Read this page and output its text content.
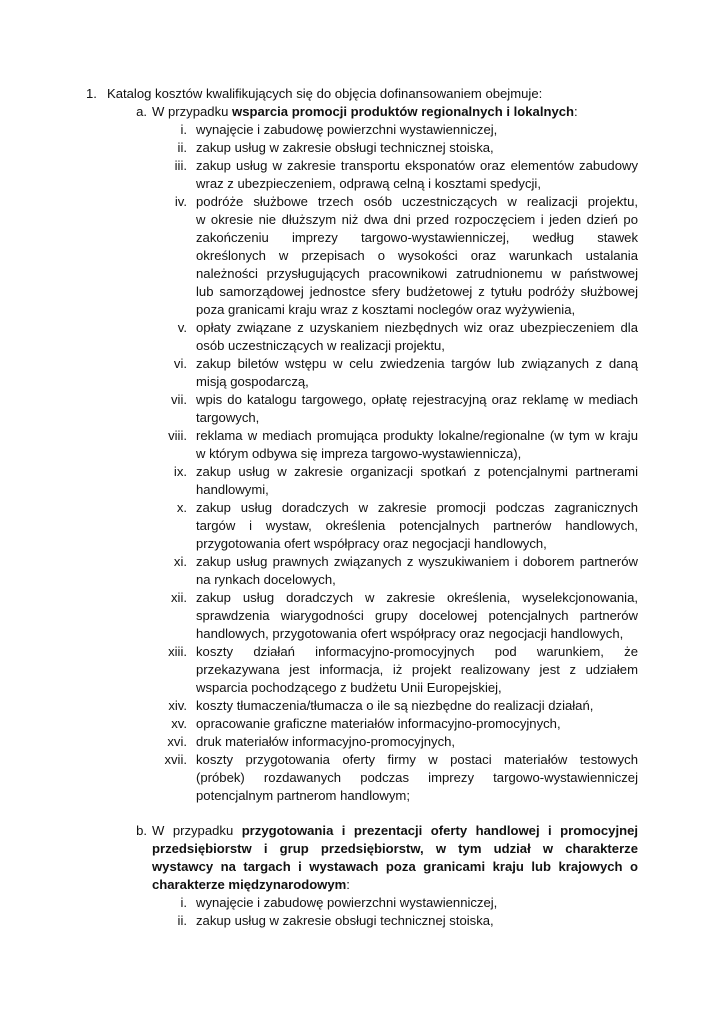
1. Katalog kosztów kwalifikujących się do objęcia dofinansowaniem obejmuje:
a. W przypadku wsparcia promocji produktów regionalnych i lokalnych:
i. wynajęcie i zabudowę powierzchni wystawienniczej,
ii. zakup usług w zakresie obsługi technicznej stoiska,
iii. zakup usług w zakresie transportu eksponatów oraz elementów zabudowy
wraz z ubezpieczeniem, odprawą celną i kosztami spedycji,
iv. podróże służbowe trzech osób uczestniczących w realizacji projektu,
w okresie nie dłuższym niż dwa dni przed rozpoczęciem i jeden dzień po
zakończeniu imprezy targowo-wystawienniczej, według stawek
określonych w przepisach o wysokości oraz warunkach ustalania
należności przysługujących pracownikowi zatrudnionemu w państwowej
lub samorządowej jednostce sfery budżetowej z tytułu podróży służbowej
poza granicami kraju wraz z kosztami noclegów oraz wyżywienia,
v. opłaty związane z uzyskaniem niezbędnych wiz oraz ubezpieczeniem dla
osób uczestniczących w realizacji projektu,
vi. zakup biletów wstępu w celu zwiedzenia targów lub związanych z daną
misją gospodarczą,
vii. wpis do katalogu targowego, opłatę rejestracyjną oraz reklamę w mediach
targowych,
viii. reklama w mediach promująca produkty lokalne/regionalne (w tym w kraju
w którym odbywa się impreza targowo-wystawiennicza),
ix. zakup usług w zakresie organizacji spotkań z potencjalnymi partnerami
handlowymi,
x. zakup usług doradczych w zakresie promocji podczas zagranicznych
targów i wystaw, określenia potencjalnych partnerów handlowych,
przygotowania ofert współpracy oraz negocjacji handlowych,
xi. zakup usług prawnych związanych z wyszukiwaniem i doborem partnerów
na rynkach docelowych,
xii. zakup usług doradczych w zakresie określenia, wyselekcjonowania,
sprawdzenia wiarygodności grupy docelowej potencjalnych partnerów
handlowych, przygotowania ofert współpracy oraz negocjacji handlowych,
xiii. koszty działań informacyjno-promocyjnych pod warunkiem, że
przekazywana jest informacja, iż projekt realizowany jest z udziałem
wsparcia pochodzącego z budżetu Unii Europejskiej,
xiv. koszty tłumaczenia/tłumacza o ile są niezbędne do realizacji działań,
xv. opracowanie graficzne materiałów informacyjno-promocyjnych,
xvi. druk materiałów informacyjno-promocyjnych,
xvii. koszty przygotowania oferty firmy w postaci materiałów testowych
(próbek) rozdawanych podczas imprezy targowo-wystawienniczej
potencjalnym partnerom handlowym;
b. W przypadku przygotowania i prezentacji oferty handlowej i promocyjnej
przedsiębiorstw i grup przedsiębiorstw, w tym udział w charakterze
wystawcy na targach i wystawach poza granicami kraju lub krajowych o
charakterze międzynarodowym:
i. wynajęcie i zabudowę powierzchni wystawienniczej,
ii. zakup usług w zakresie obsługi technicznej stoiska,
